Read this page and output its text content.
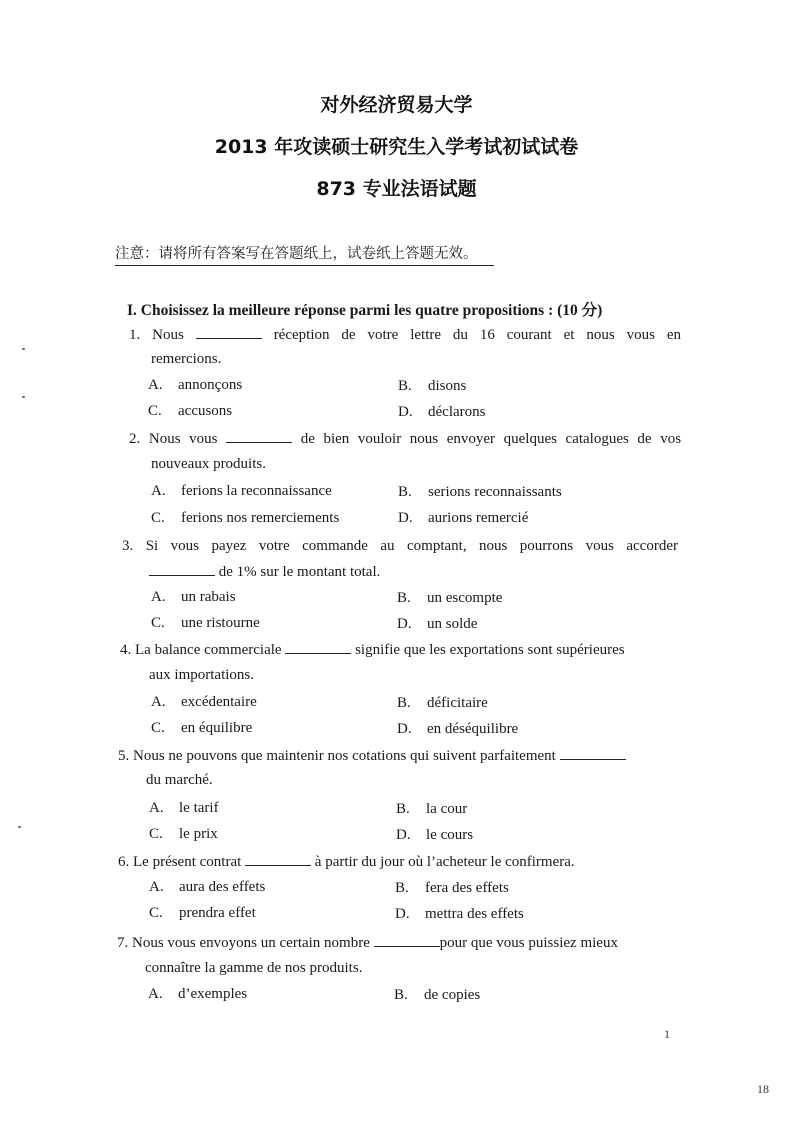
对外经济贸易大学
2013 年攻读硕士研究生入学考试初试试卷
873 专业法语试题
注意：请将所有答案写在答题纸上，试卷纸上答题无效。
I. Choisissez la meilleure réponse parmi les quatre propositions : (10 分)
1. Nous	réception de votre lettre du 16 courant et nous vous en
remercions.
A. annonçons	B. disons
C. accusons	D. déclarons
2. Nous vous	de bien vouloir nous envoyer quelques catalogues de vos
nouveaux produits.
A. ferions la reconnaissance	B. serions reconnaissants
C. ferions nos remerciements	D. aurions remercié
3. Si vous payez votre commande au comptant, nous pourrons vous accorder
de 1% sur le montant total.
A. un rabais	B. un escompte
C. une ristourne	D. un solde
4. La balance commerciale	signifie que les exportations sont supérieures
aux importations.
A. excédentaire	B. déficitaire
C. en équilibre	D. en déséquilibre
5. Nous ne pouvons que maintenir nos cotations qui suivent parfaitement
du marché.
A. le tarif	B. la cour
C. le prix	D. le cours
6. Le présent contrat	à partir du jour où l’acheteur le confirmera.
A. aura des effets	B. fera des effets
C. prendra effet	D. mettra des effets
7. Nous vous envoyons un certain nombre	pour que vous puissiez mieux
connaître la gamme de nos produits.
A. d’exemples	B. de copies
1
18
